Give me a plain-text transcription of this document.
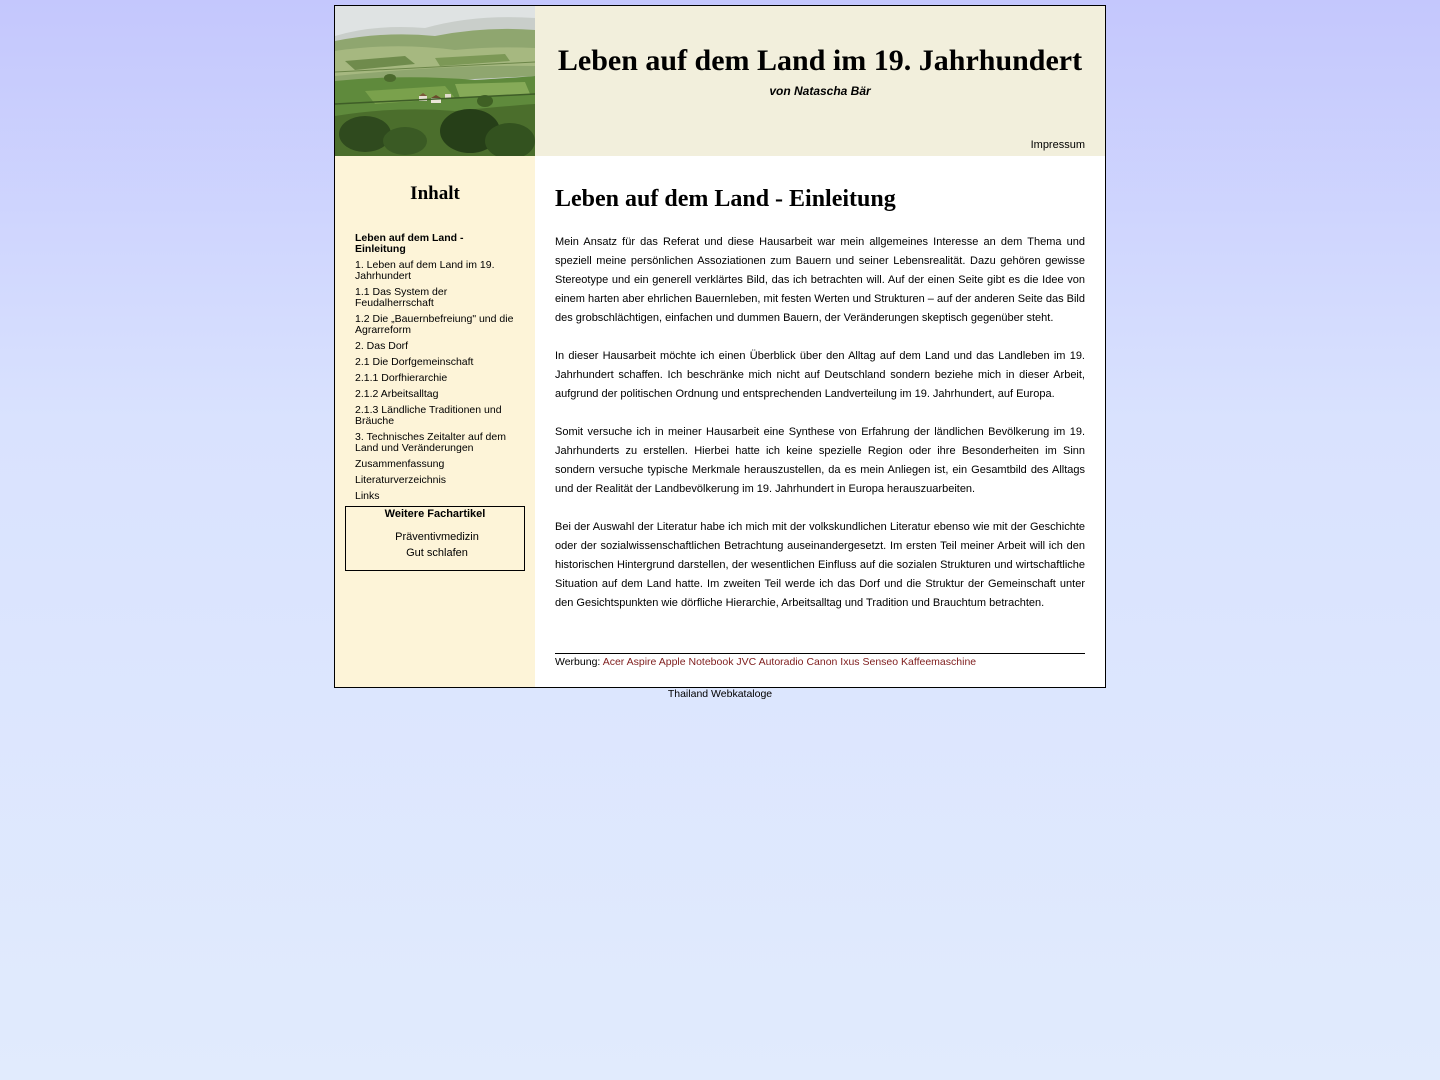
Leben auf dem Land im 19. Jahrhundert
von Natascha Bär
Impressum
Inhalt
Leben auf dem Land - Einleitung
1. Leben auf dem Land im 19. Jahrhundert
1.1 Das System der Feudalherrschaft
1.2 Die „Bauernbefreiung" und die Agrarreform
2. Das Dorf
2.1 Die Dorfgemeinschaft
2.1.1 Dorfhierarchie
2.1.2 Arbeitsalltag
2.1.3 Ländliche Traditionen und Bräuche
3. Technisches Zeitalter auf dem Land und Veränderungen
Zusammenfassung
Literaturverzeichnis
Links
Weitere Fachartikel
Präventivmedizin
Gut schlafen
Leben auf dem Land - Einleitung

Mein Ansatz für das Referat und diese Hausarbeit war mein allgemeines Interesse an dem Thema und speziell meine persönlichen Assoziationen zum Bauern und seiner Lebensrealität. Dazu gehören gewisse Stereotype und ein generell verklärtes Bild, das ich betrachten will. Auf der einen Seite gibt es die Idee von einem harten aber ehrlichen Bauernleben, mit festen Werten und Strukturen – auf der anderen Seite das Bild des grobschlächtigen, einfachen und dummen Bauern, der Veränderungen skeptisch gegenüber steht.

In dieser Hausarbeit möchte ich einen Überblick über den Alltag auf dem Land und das Landleben im 19. Jahrhundert schaffen. Ich beschränke mich nicht auf Deutschland sondern beziehe mich in dieser Arbeit, aufgrund der politischen Ordnung und entsprechenden Landverteilung im 19. Jahrhundert, auf Europa.

Somit versuche ich in meiner Hausarbeit eine Synthese von Erfahrung der ländlichen Bevölkerung im 19. Jahrhunderts zu erstellen. Hierbei hatte ich keine spezielle Region oder ihre Besonderheiten im Sinn sondern versuche typische Merkmale herauszustellen, da es mein Anliegen ist, ein Gesamtbild des Alltags und der Realität der Landbevölkerung im 19. Jahrhundert in Europa herauszuarbeiten.

Bei der Auswahl der Literatur habe ich mich mit der volkskundlichen Literatur ebenso wie mit der Geschichte oder der sozialwissenschaftlichen Betrachtung auseinandergesetzt. Im ersten Teil meiner Arbeit will ich den historischen Hintergrund darstellen, der wesentlichen Einfluss auf die sozialen Strukturen und wirtschaftliche Situation auf dem Land hatte. Im zweiten Teil werde ich das Dorf und die Struktur der Gemeinschaft unter den Gesichtspunkten wie dörfliche Hierarchie, Arbeitsalltag und Tradition und Brauchtum betrachten.

Werbung: Acer Aspire Apple Notebook JVC Autoradio Canon Ixus Senseo Kaffeemaschine
Thailand Webkataloge
